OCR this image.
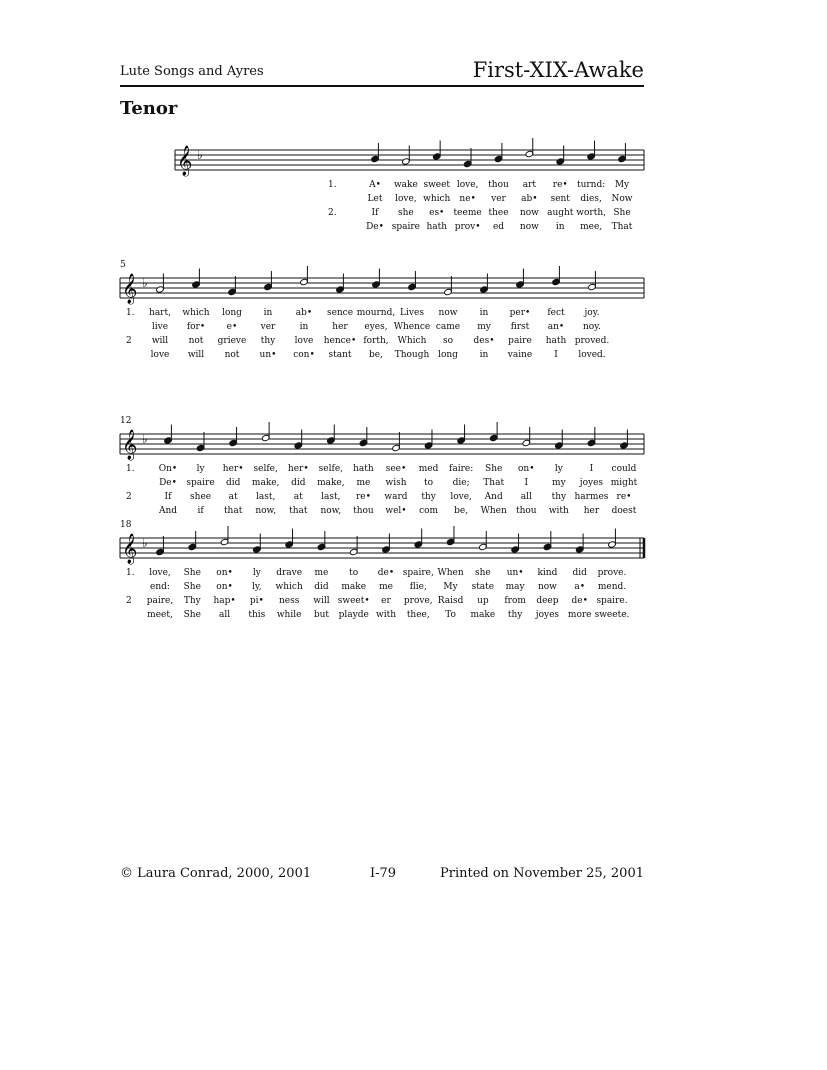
Lute Songs and Ayres	First-XIX-Awake
Tenor
𝄞 ♭
1.	A• wake sweet love, thou art re• turnd: My
Let love, which ne• ver ab• sent dies, Now
2.	If she es• teeme thee now aught worth, She
De• spaire hath prov• ed now in mee, That
𝄞 ♭
5
1. hart, which long in	ab• sence mournd, Lives now in per• fect joy.
live for• e•	ver	in	her eyes, Whence came my first an• noy.
2 will not grieve thy love hence• forth, Which so des• paire hath proved.
love will not un• con• stant be, Though long in vaine I loved.
𝄞 ♭
12
1.	On• ly her• selfe, her• selfe, hath see• med faire: She on• ly	I could
De• spaire did make, did make, me wish to die; That I	my joyes might
2	If shee at last, at last, re• ward thy love, And all thy harmes re•
And if that now, that now, thou wel• com be, When thou with her doest
𝄞 ♭
18
1. love, She on• ly drave me to de• spaire, When she un• kind did prove.
end: She on• ly, which did make me flie, My state may now a• mend.
2 paire, Thy hap• pi• ness will sweet• er prove, Raisd up from deep de• spaire.
meet, She all this while but playde with thee, To make thy joyes more sweete.
© Laura Conrad, 2000, 2001	I-79	Printed on November 25, 2001
